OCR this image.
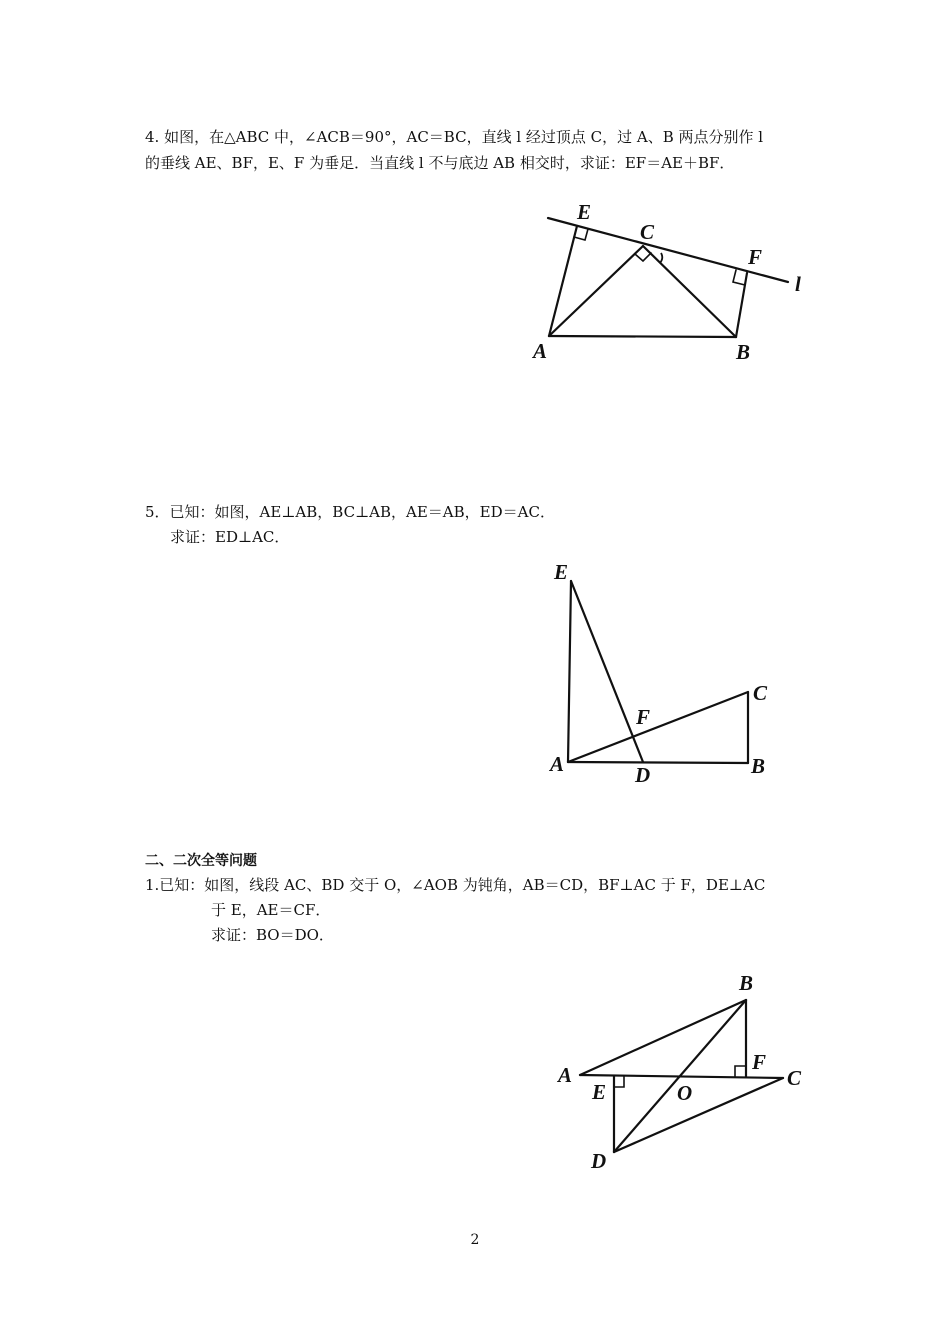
4. 如图，在△ABC 中，∠ACB＝90°，AC＝BC，直线 l 经过顶点 C，过 A、B 两点分别作 l
的垂线 AE、BF，E、F 为垂足．当直线 l 不与底边 AB 相交时，求证：EF＝AE＋BF．
E
C
F
l
A	B
5．已知：如图，AE⊥AB，BC⊥AB，AE＝AB，ED＝AC．
求证：ED⊥AC．
E
C
F
A	D	B
二、二次全等问题
1.已知：如图，线段 AC、BD 交于 O，∠AOB 为钝角，AB＝CD，BF⊥AC 于 F，DE⊥AC
于 E，AE＝CF．
求证：BO＝DO．
B
A
E
F
O
C
D
2
